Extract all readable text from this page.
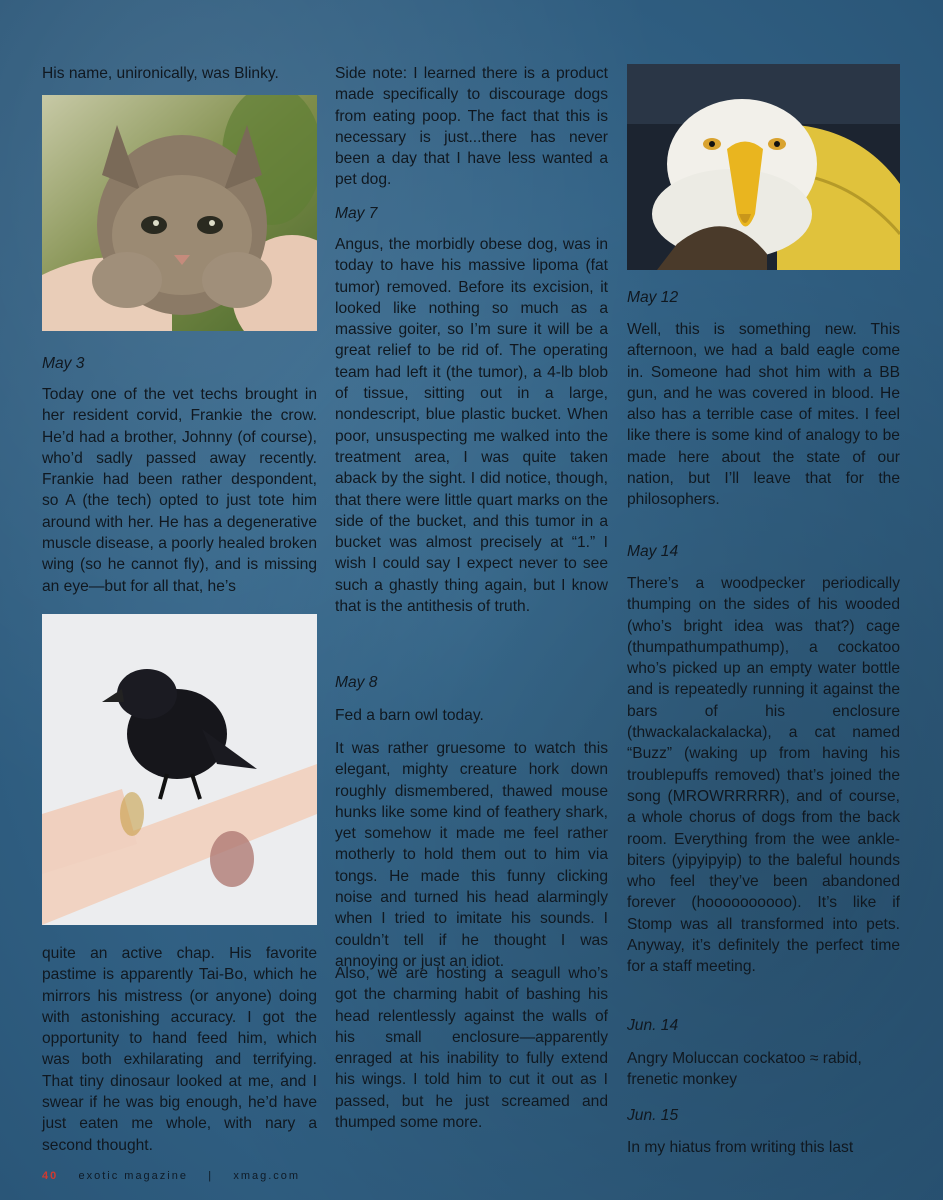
His name, unironically, was Blinky.

May 3

Today one of the vet techs brought in her resident corvid, Frankie the crow. He’d had a brother, Johnny (of course), who’d sadly passed away recently. Frankie had been rather despondent, so A (the tech) opted to just tote him around with her. He has a degenerative muscle disease, a poorly healed broken wing (so he cannot fly), and is missing an eye—but for all that, he’s

quite an active chap. His favorite pastime is apparently Tai-Bo, which he mirrors his mistress (or anyone) doing with astonishing accuracy. I got the opportunity to hand feed him, which was both exhilarating and terrifying. That tiny dinosaur looked at me, and I swear if he was big enough, he’d have just eaten me whole, with nary a second thought.

Side note: I learned there is a product made specifically to discourage dogs from eating poop. The fact that this is necessary is just...there has never been a day that I have less wanted a pet dog.

May 7

Angus, the morbidly obese dog, was in today to have his massive lipoma (fat tumor) removed. Before its excision, it looked like nothing so much as a massive goiter, so I’m sure it will be a great relief to be rid of. The operating team had left it (the tumor), a 4-lb blob of tissue, sitting out in a large, nondescript, blue plastic bucket. When poor, unsuspecting me walked into the treatment area, I was quite taken aback by the sight. I did notice, though, that there were little quart marks on the side of the bucket, and this tumor in a bucket was almost precisely at “1.” I wish I could say I expect never to see such a ghastly thing again, but I know that is the antithesis of truth.

May 8

Fed a barn owl today.

It was rather gruesome to watch this elegant, mighty creature hork down roughly dismembered, thawed mouse hunks like some kind of feathery shark, yet somehow it made me feel rather motherly to hold them out to him via tongs. He made this funny clicking noise and turned his head alarmingly when I tried to imitate his sounds. I couldn’t tell if he thought I was annoying or just an idiot.

Also, we are hosting a seagull who’s got the charming habit of bashing his head relentlessly against the walls of his small enclosure—apparently enraged at his inability to fully extend his wings. I told him to cut it out as I passed, but he just screamed and thumped some more.

May 12

Well, this is something new. This afternoon, we had a bald eagle come in. Someone had shot him with a BB gun, and he was covered in blood. He also has a terrible case of mites. I feel like there is some kind of analogy to be made here about the state of our nation, but I’ll leave that for the philosophers.

May 14

There’s a woodpecker periodically thumping on the sides of his wooded (who’s bright idea was that?) cage (thumpathumpathump), a cockatoo who’s picked up an empty water bottle and is repeatedly running it against the bars of his enclosure (thwackalackalacka), a cat named “Buzz” (waking up from having his troublepuffs removed) that’s joined the song (MROWRRRRR), and of course, a whole chorus of dogs from the back room. Everything from the wee ankle-biters (yipyipyip) to the baleful hounds who feel they’ve been abandoned forever (hoooooooooo). It’s like if Stomp was all transformed into pets. Anyway, it’s definitely the perfect time for a staff meeting.

Jun. 14

Angry Moluccan cockatoo ≈ rabid, frenetic monkey

Jun. 15

In my hiatus from writing this last

40 exotic magazine | xmag.com
